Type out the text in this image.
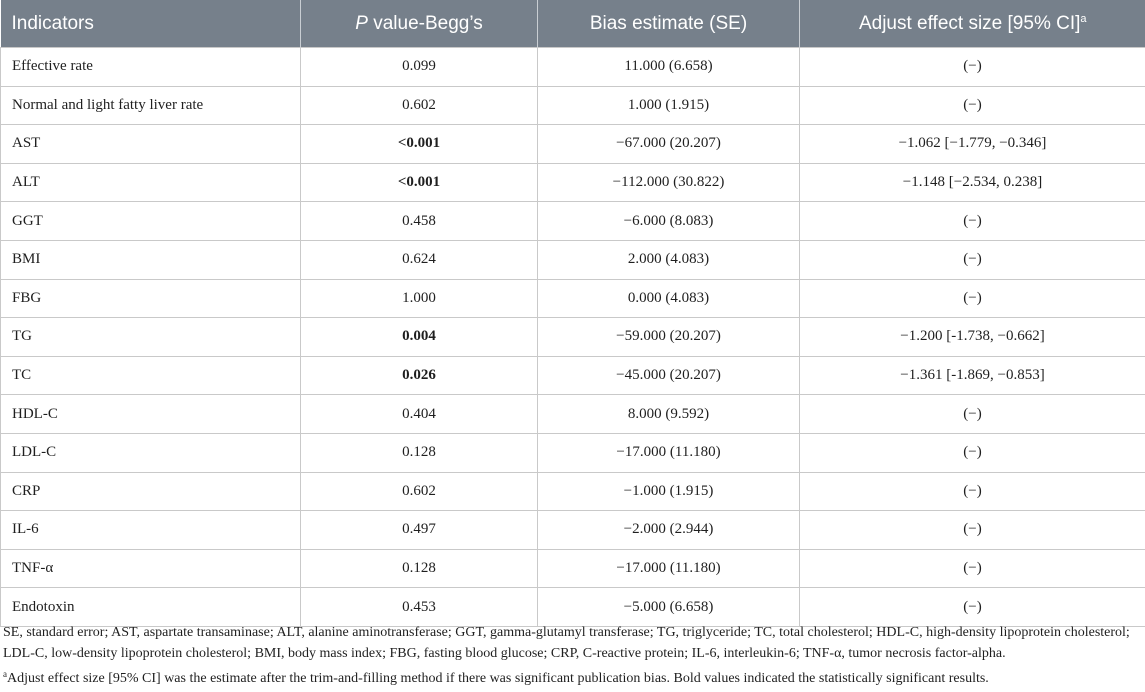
Indicators	P value-Begg’s	Bias estimate (SE)	Adjust effect size [95% CI]$^a$
Effective rate	0.099	11.000 (6.658)	(−)
Normal and light fatty liver rate	0.602	1.000 (1.915)	(−)
AST	<0.001	−67.000 (20.207)	−1.062 [−1.779, −0.346]
ALT	<0.001	−112.000 (30.822)	−1.148 [−2.534, 0.238]
GGT	0.458	−6.000 (8.083)	(−)
BMI	0.624	2.000 (4.083)	(−)
FBG	1.000	0.000 (4.083)	(−)
TG	0.004	−59.000 (20.207)	−1.200 [-1.738, −0.662]
TC	0.026	−45.000 (20.207)	−1.361 [-1.869, −0.853]
HDL-C	0.404	8.000 (9.592)	(−)
LDL-C	0.128	−17.000 (11.180)	(−)
CRP	0.602	−1.000 (1.915)	(−)
IL-6	0.497	−2.000 (2.944)	(−)
TNF-α	0.128	−17.000 (11.180)	(−)
Endotoxin	0.453	−5.000 (6.658)	(−)

SE, standard error; AST, aspartate transaminase; ALT, alanine aminotransferase; GGT, gamma-glutamyl transferase; TG, triglyceride; TC, total cholesterol; HDL-C, high-density lipoprotein cholesterol; LDL-C, low-density lipoprotein cholesterol; BMI, body mass index; FBG, fasting blood glucose; CRP, C-reactive protein; IL-6, interleukin-6; TNF-α, tumor necrosis factor-alpha.

$^a$Adjust effect size [95% CI] was the estimate after the trim-and-filling method if there was significant publication bias. Bold values indicated the statistically significant results.
